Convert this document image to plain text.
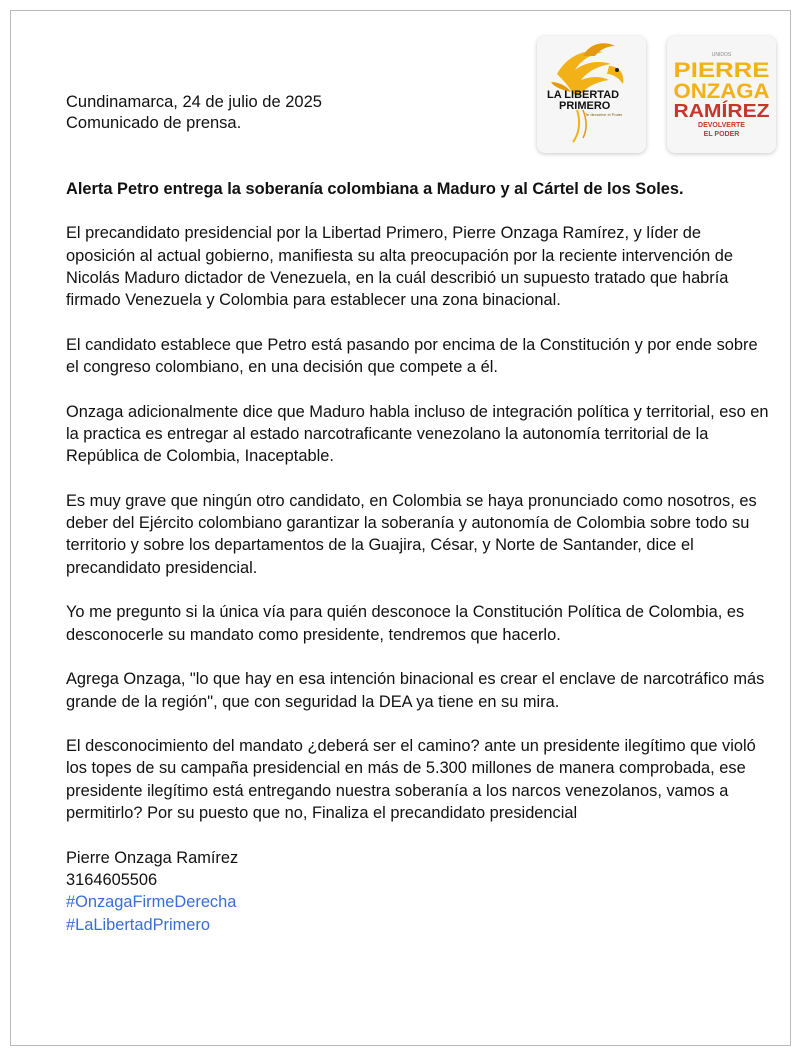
Cundinamarca, 24 de julio de 2025
Comunicado de prensa.
LA LIBERTAD
PRIMERO
Te devuelve el Poder
UNIDOS
PIERRE
ONZAGA
RAMÍREZ
DEVOLVERTE
EL PODER
Alerta Petro entrega la soberanía colombiana a Maduro y al Cártel de los Soles.

El precandidato presidencial por la Libertad Primero, Pierre Onzaga Ramírez, y líder de oposición al actual gobierno, manifiesta su alta preocupación por la reciente intervención de Nicolás Maduro dictador de Venezuela, en la cuál describió un supuesto tratado que habría firmado Venezuela y Colombia para establecer una zona binacional.

El candidato establece que Petro está pasando por encima de la Constitución y por ende sobre el congreso colombiano, en una decisión que compete a él.

Onzaga adicionalmente dice que Maduro habla incluso de integración política y territorial, eso en la practica es entregar al estado narcotraficante venezolano la autonomía territorial de la República de Colombia, Inaceptable.

Es muy grave que ningún otro candidato, en Colombia se haya pronunciado como nosotros, es deber del Ejército colombiano garantizar la soberanía y autonomía de Colombia sobre todo su territorio y sobre los departamentos de la Guajira, César, y Norte de Santander, dice el precandidato presidencial.

Yo me pregunto si la única vía para quién desconoce la Constitución Política de Colombia, es desconocerle su mandato como presidente, tendremos que hacerlo.

Agrega Onzaga, "lo que hay en esa intención binacional es crear el enclave de narcotráfico más grande de la región", que con seguridad la DEA ya tiene en su mira.

El desconocimiento del mandato ¿deberá ser el camino? ante un presidente ilegítimo que violó los topes de su campaña presidencial en más de 5.300 millones de manera comprobada, ese presidente ilegítimo está entregando nuestra soberanía a los narcos venezolanos, vamos a permitirlo? Por su puesto que no, Finaliza el precandidato presidencial

Pierre Onzaga Ramírez
3164605506
#OnzagaFirmeDerecha
#LaLibertadPrimero
